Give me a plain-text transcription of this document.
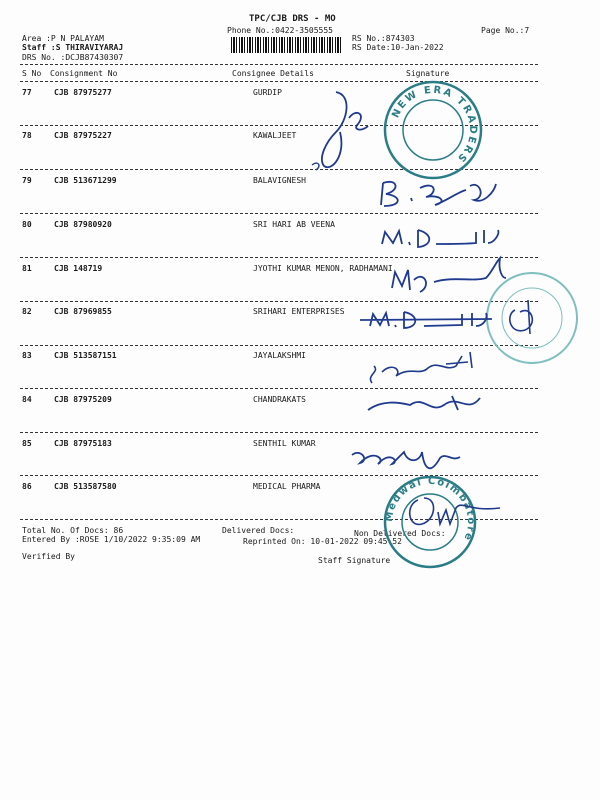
TPC/CJB DRS - MO
Phone No.:0422-3505555	Page No.:7
Area :P N PALAYAM
Staff :S THIRAVIYARAJ
DRS No. :DCJB87430307
RS No.:874303
RS Date:10-Jan-2022
S No Consignment No	Consignee Details	Signature
77	CJB 87975277	GURDIP
78	CJB 87975227	KAWALJEET
79	CJB 513671299	BALAVIGNESH
80	CJB 87980920	SRI HARI AB VEENA
81	CJB 148719	JYOTHI KUMAR MENON, RADHAMANI
82	CJB 87969855	SRIHARI ENTERPRISES
83	CJB 513587151	JAYALAKSHMI
84	CJB 87975209	CHANDRAKATS
85	CJB 87975183	SENTHIL KUMAR
86	CJB 513587580	MEDICAL PHARMA
Total No. Of Docs: 86	Delivered Docs:	Non Delivered Docs:
Entered By :ROSE 1/10/2022 9:35:09 AM	Reprinted On: 10-01-2022 09:45:52
Verified By	Staff Signature
NEW ERA TRADERS
Medwal Coimbatore
